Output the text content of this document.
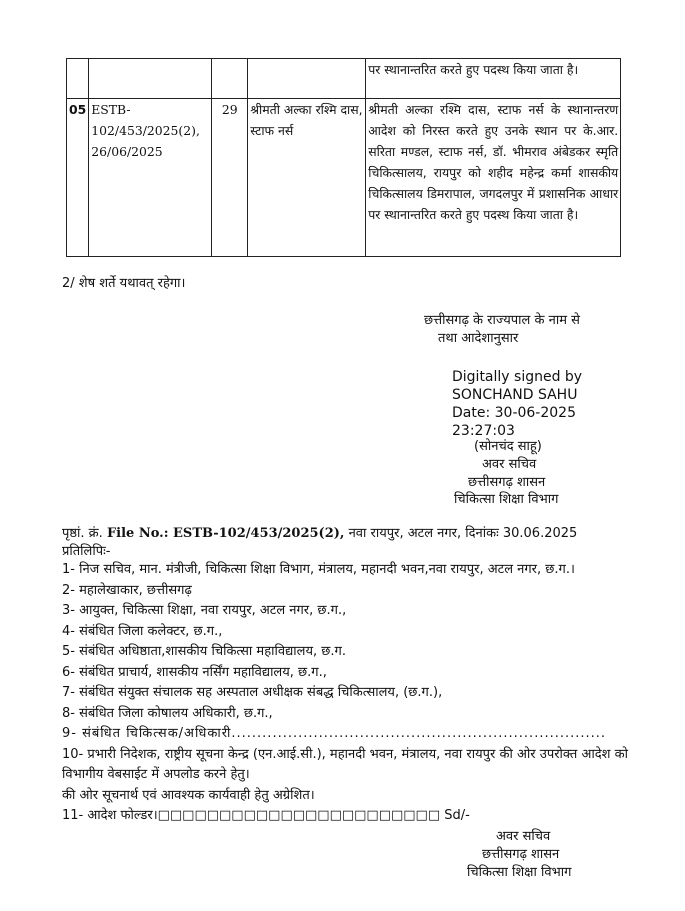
				पर स्थानान्तरित करते हुए पदस्थ किया जाता है।
05	ESTB-102/453/2025(2), 26/06/2025	29	श्रीमती अल्का रश्मि दास, स्टाफ नर्स	श्रीमती अल्का रश्मि दास, स्टाफ नर्स के स्थानान्तरण आदेश को निरस्त करते हुए उनके स्थान पर के.आर. सरिता मण्डल, स्टाफ नर्स, डॉ. भीमराव अंबेडकर स्मृति चिकित्सालय, रायपुर को शहीद महेन्द्र कर्मा शासकीय चिकित्सालय डिमरापाल, जगदलपुर में प्रशासनिक आधार पर स्थानान्तरित करते हुए पदस्थ किया जाता है।
2/ शेष शर्ते यथावत् रहेगा।
छत्तीसगढ़ के राज्यपाल के नाम से
तथा आदेशानुसार
Digitally signed by
SONCHAND SAHU
Date: 30-06-2025
23:27:03
(सोनचंद साहू)
अवर सचिव
छत्तीसगढ़ शासन
चिकित्सा शिक्षा विभाग
पृष्ठां. क्रं. File No.: ESTB-102/453/2025(2), नवा रायपुर, अटल नगर, दिनांकः 30.06.2025
प्रतिलिपिः-

1- निज सचिव, मान. मंत्रीजी, चिकित्सा शिक्षा विभाग, मंत्रालय, महानदी भवन,नवा रायपुर, अटल नगर, छ.ग.।

2- महालेखाकार, छत्तीसगढ़

3- आयुक्त, चिकित्सा शिक्षा, नवा रायपुर, अटल नगर, छ.ग.,

4- संबंधित जिला कलेक्टर, छ.ग.,

5- संबंधित अधिष्ठाता,शासकीय चिकित्सा महाविद्यालय, छ.ग.

6- संबंधित प्राचार्य, शासकीय नर्सिंग महाविद्यालय, छ.ग.,

7- संबंधित संयुक्त संचालक सह अस्पताल अधीक्षक संबद्ध चिकित्सालय, (छ.ग.),

8- संबंधित जिला कोषालय अधिकारी, छ.ग.,

9- संबंधित चिकित्सक/अधिकारी.........................................................................

10- प्रभारी निदेशक, राष्ट्रीय सूचना केन्द्र (एन.आई.सी.), महानदी भवन, मंत्रालय, नवा रायपुर की ओर उपरोक्त आदेश को विभागीय वेबसाईट में अपलोड करने हेतु।

की ओर सूचनार्थ एवं आवश्यक कार्यवाही हेतु अग्रेशित।

11- आदेश फोल्डर।□□□□□□□□□□□□□□□□□□□□□□□ Sd/-

अवर सचिव
छत्तीसगढ़ शासन
चिकित्सा शिक्षा विभाग
